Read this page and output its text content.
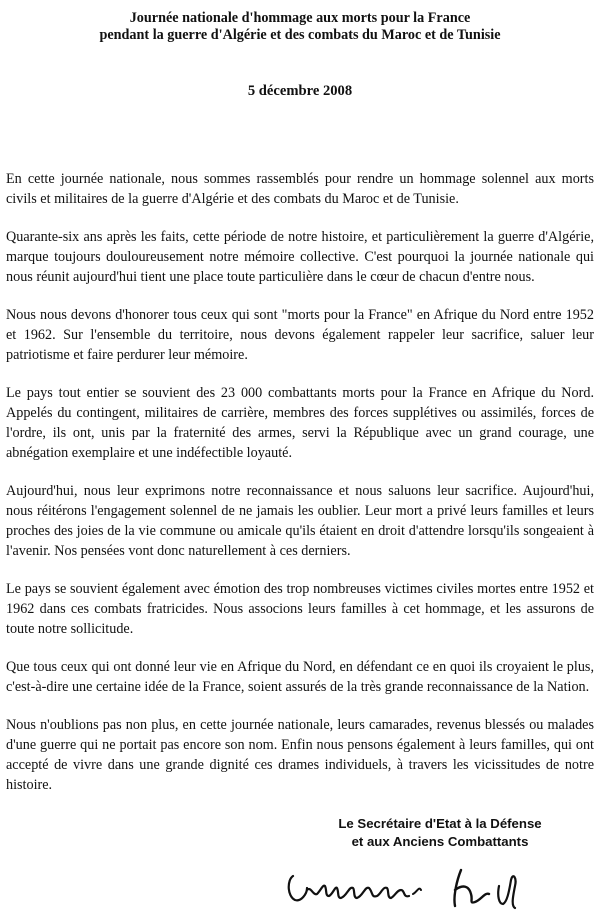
Journée nationale d'hommage aux morts pour la France
pendant la guerre d'Algérie et des combats du Maroc et de Tunisie
5 décembre 2008

En cette journée nationale, nous sommes rassemblés pour rendre un hommage solennel aux morts civils et militaires de la guerre d'Algérie et des combats du Maroc et de Tunisie.

Quarante-six ans après les faits, cette période de notre histoire, et particulièrement la guerre d'Algérie, marque toujours douloureusement notre mémoire collective. C'est pourquoi la journée nationale qui nous réunit aujourd'hui tient une place toute particulière dans le cœur de chacun d'entre nous.

Nous nous devons d'honorer tous ceux qui sont "morts pour la France" en Afrique du Nord entre 1952 et 1962. Sur l'ensemble du territoire, nous devons également rappeler leur sacrifice, saluer leur patriotisme et faire perdurer leur mémoire.

Le pays tout entier se souvient des 23 000 combattants morts pour la France en Afrique du Nord. Appelés du contingent, militaires de carrière, membres des forces supplétives ou assimilés, forces de l'ordre, ils ont, unis par la fraternité des armes, servi la République avec un grand courage, une abnégation exemplaire et une indéfectible loyauté.

Aujourd'hui, nous leur exprimons notre reconnaissance et nous saluons leur sacrifice. Aujourd'hui, nous réitérons l'engagement solennel de ne jamais les oublier. Leur mort a privé leurs familles et leurs proches des joies de la vie commune ou amicale qu'ils étaient en droit d'attendre lorsqu'ils songeaient à l'avenir. Nos pensées vont donc naturellement à ces derniers.

Le pays se souvient également avec émotion des trop nombreuses victimes civiles mortes entre 1952 et 1962 dans ces combats fratricides. Nous associons leurs familles à cet hommage, et les assurons de toute notre sollicitude.

Que tous ceux qui ont donné leur vie en Afrique du Nord, en défendant ce en quoi ils croyaient le plus, c'est-à-dire une certaine idée de la France, soient assurés de la très grande reconnaissance de la Nation.

Nous n'oublions pas non plus, en cette journée nationale, leurs camarades, revenus blessés ou malades d'une guerre qui ne portait pas encore son nom. Enfin nous pensons également à leurs familles, qui ont accepté de vivre dans une grande dignité ces drames individuels, à travers les vicissitudes de notre histoire.

Le Secrétaire d'Etat à la Défense
et aux Anciens Combattants
